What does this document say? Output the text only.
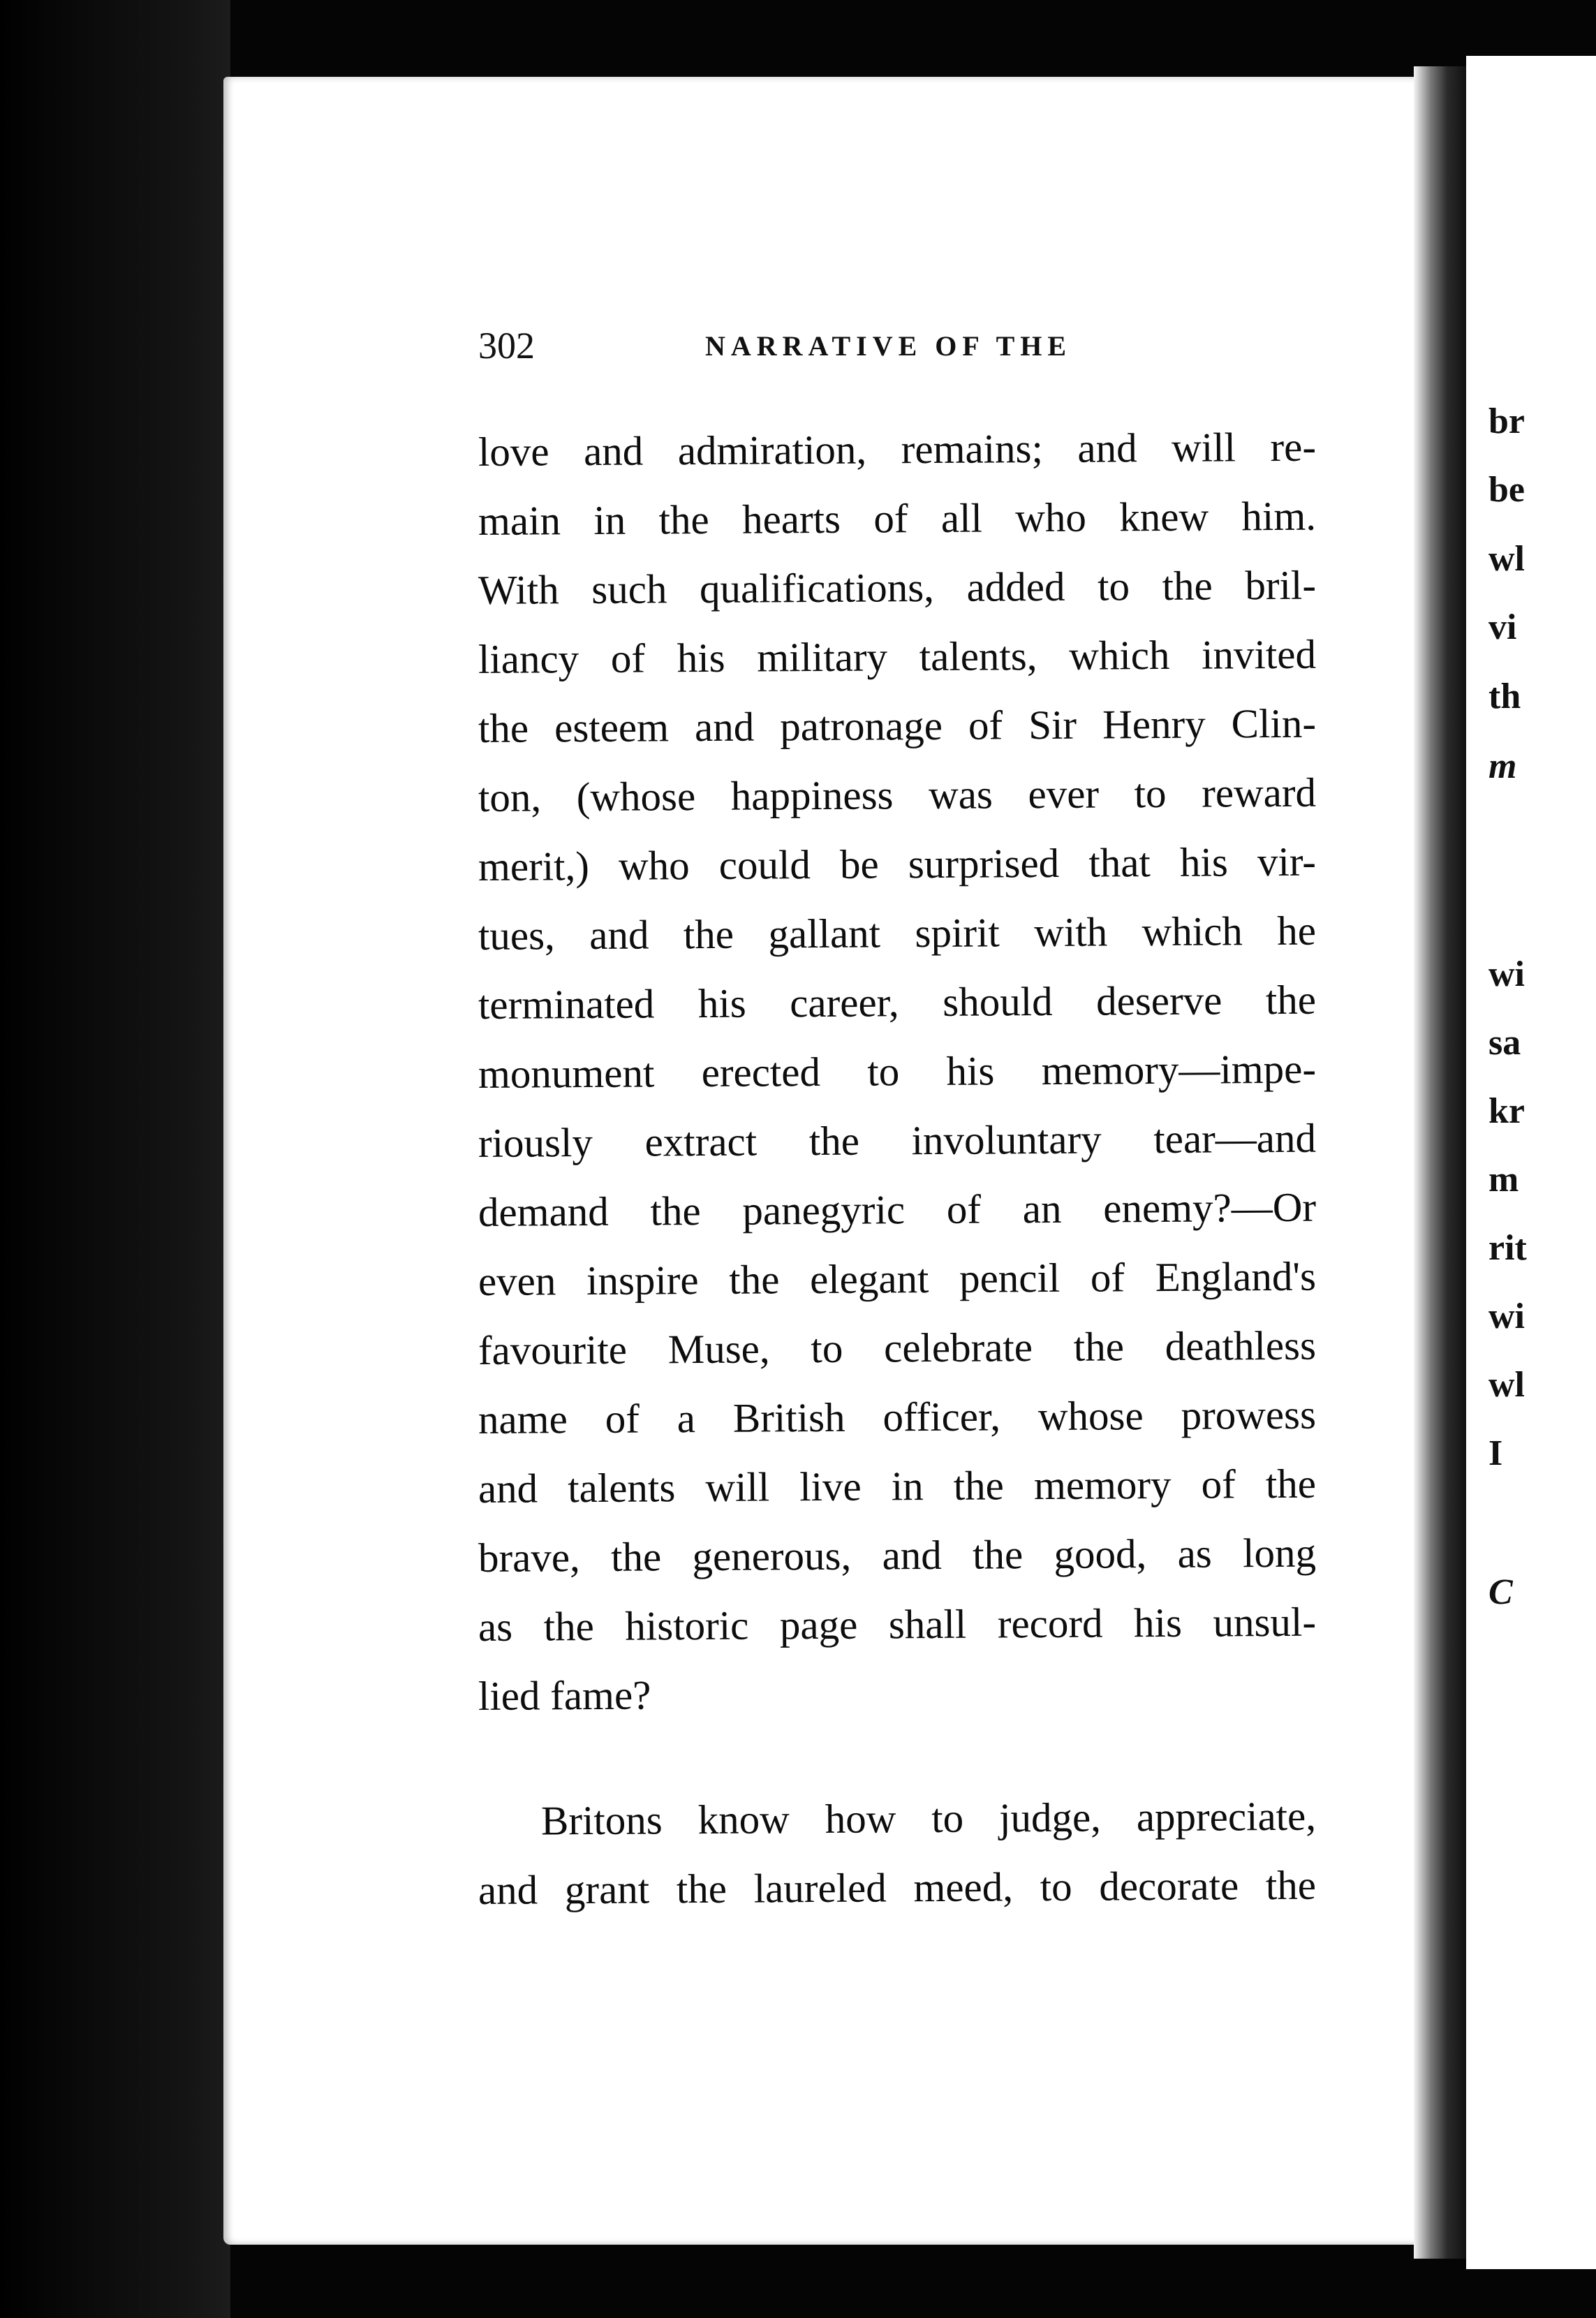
302	NARRATIVE OF THE
love and admiration, remains; and will re-
main in the hearts of all who knew him.
With such qualifications, added to the bril-
liancy of his military talents, which invited
the esteem and patronage of Sir Henry Clin-
ton, (whose happiness was ever to reward
merit,) who could be surprised that his vir-
tues, and the gallant spirit with which he
terminated his career, should deserve the
monument erected to his memory—impe-
riously extract the involuntary tear—and
demand the panegyric of an enemy?—Or
even inspire the elegant pencil of England's
favourite Muse, to celebrate the deathless
name of a British officer, whose prowess
and talents will live in the memory of the
brave, the generous, and the good, as long
as the historic page shall record his unsul-
lied fame?
Britons know how to judge, appreciate,
and grant the laureled meed, to decorate the
br
be
wl
vi
th
m
wi
sa
kr
m
rit
wi
wl
I
C
